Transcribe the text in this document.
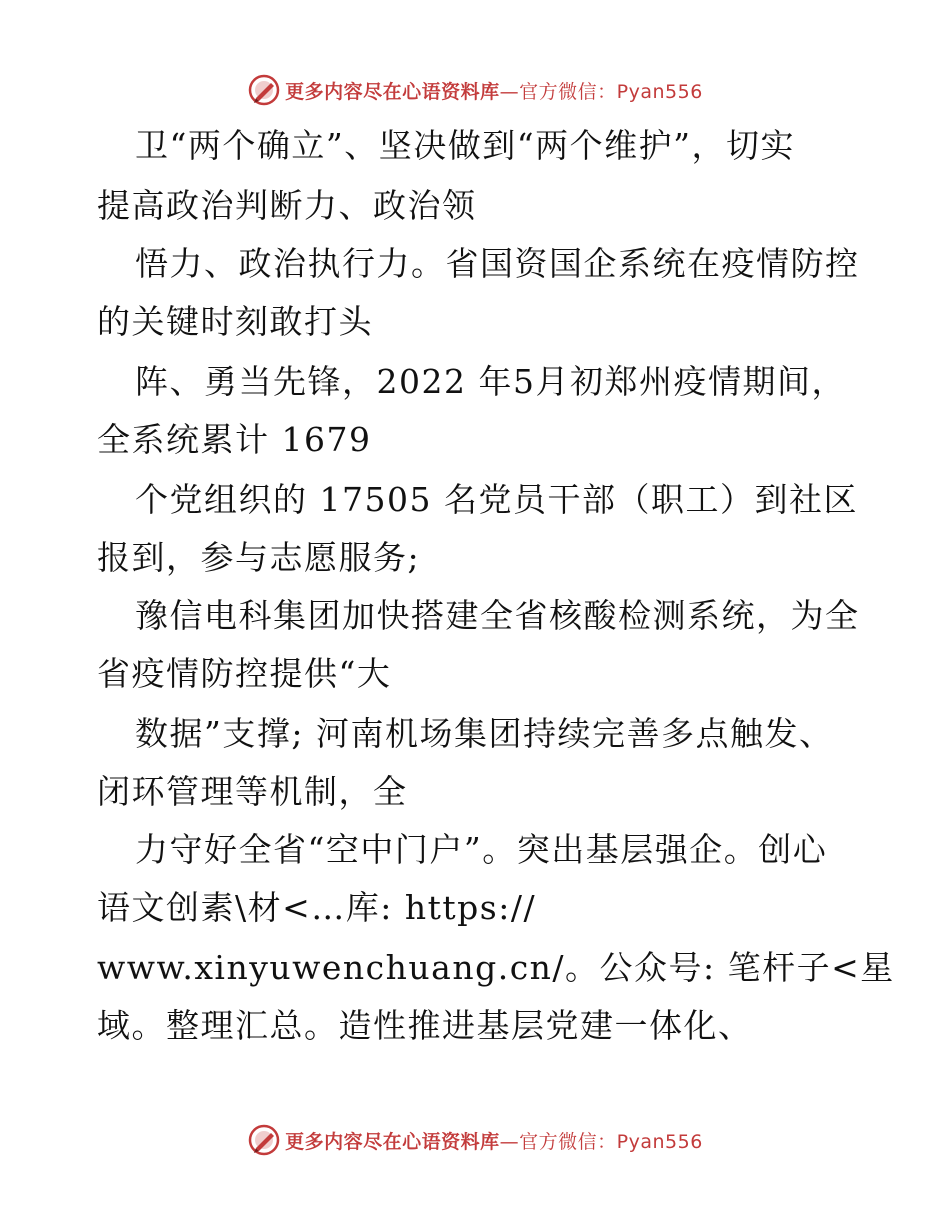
更多内容尽在心语资料库—官方微信：Pyan556
卫“两个确立”、坚决做到“两个维护”，切实
提高政治判断力、政治领
悟力、政治执行力。省国资国企系统在疫情防控
的关键时刻敢打头
阵、勇当先锋，2022 年5月初郑州疫情期间，
全系统累计 1679
个党组织的 17505 名党员干部（职工）到社区
报到，参与志愿服务;
豫信电科集团加快搭建全省核酸检测系统，为全
省疫情防控提供“大
数据”支撑; 河南机场集团持续完善多点触发、
闭环管理等机制，全
力守好全省“空中门户”。突出基层强企。创心
语文创素\材<…库: https://
www.xinyuwenchuang.cn/。公众号: 笔杆子<星
域。整理汇总。造性推进基层党建一体化、
更多内容尽在心语资料库—官方微信：Pyan556
